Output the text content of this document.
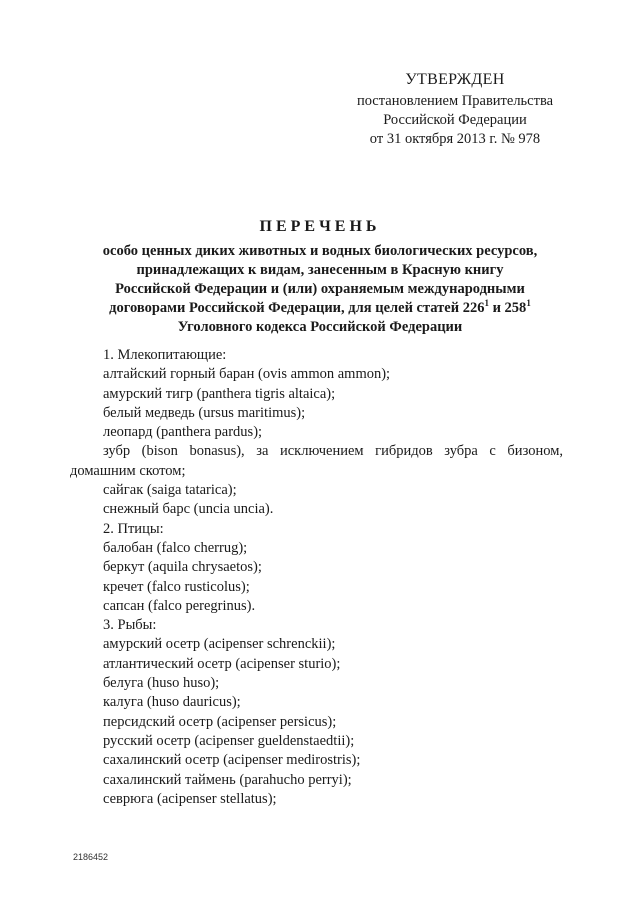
УТВЕРЖДЕН
постановлением Правительства
Российской Федерации
от 31 октября 2013 г. № 978
ПЕРЕЧЕНЬ
особо ценных диких животных и водных биологических ресурсов,
принадлежащих к видам, занесенным в Красную книгу
Российской Федерации и (или) охраняемым международными
договорами Российской Федерации, для целей статей $226^1$ и $258^1$
Уголовного кодекса Российской Федерации
1. Млекопитающие:
алтайский горный баран (ovis ammon ammon);
амурский тигр (panthera tigris altaica);
белый медведь (ursus maritimus);
леопард (panthera pardus);
зубр (bison bonasus), за исключением гибридов зубра с бизоном,
домашним скотом;
сайгак (saiga tatarica);
снежный барс (uncia uncia).
2. Птицы:
балобан (falco cherrug);
беркут (aquila chrysaetos);
кречет (falco rusticolus);
сапсан (falco peregrinus).
3. Рыбы:
амурский осетр (acipenser schrenckii);
атлантический осетр (acipenser sturio);
белуга (huso huso);
калуга (huso dauricus);
персидский осетр (acipenser persicus);
русский осетр (acipenser gueldenstaedtii);
сахалинский осетр (acipenser medirostris);
сахалинский таймень (parahucho perryi);
севрюга (acipenser stellatus);
2186452
